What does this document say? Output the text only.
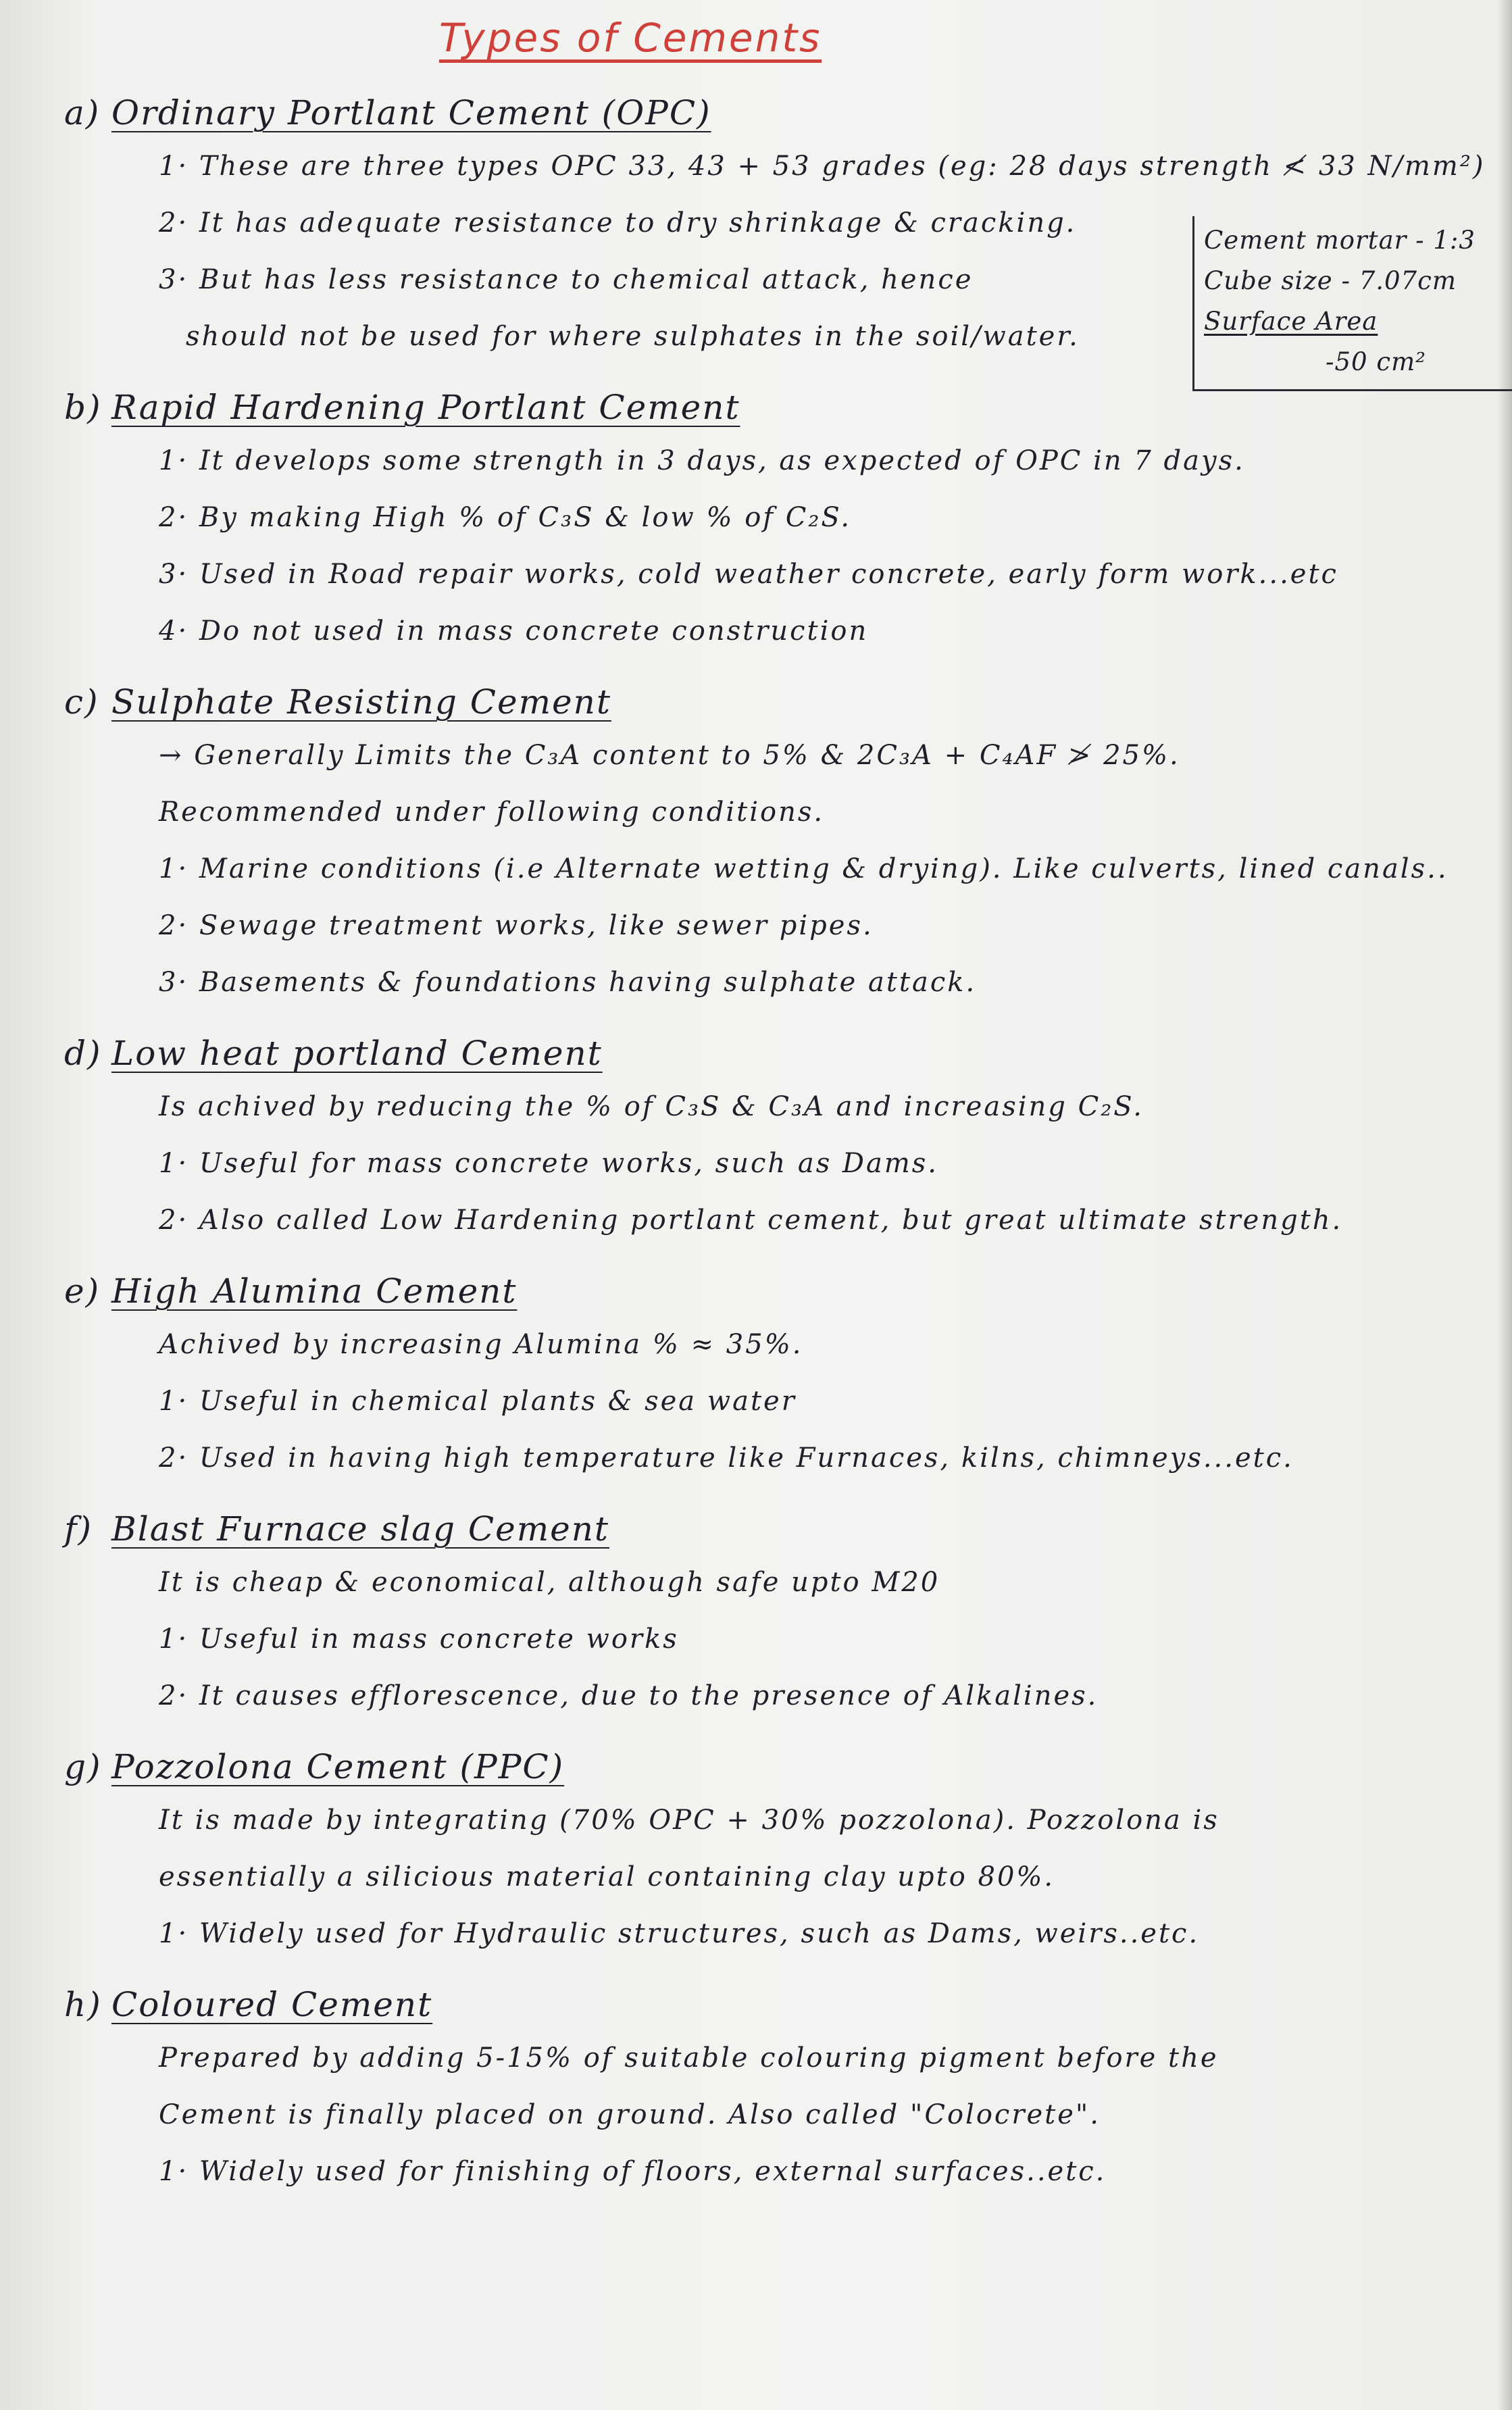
Types of Cements
a) Ordinary Portlant Cement (OPC)
1· These are three types OPC 33, 43 + 53 grades (eg: 28 days strength ≮ 33 N/mm²)
2· It has adequate resistance to dry shrinkage & cracking.
3· But has less resistance to chemical attack, hence
should not be used for where sulphates in the soil/water.
Cement mortar - 1:3
Cube size - 7.07cm
Surface Area
-50 cm²
b) Rapid Hardening Portlant Cement
1· It develops some strength in 3 days, as expected of OPC in 7 days.
2· By making High % of C₃S & low % of C₂S.
3· Used in Road repair works, cold weather concrete, early form work...etc
4· Do not used in mass concrete construction
c) Sulphate Resisting Cement
→ Generally Limits the C₃A content to 5% & 2C₃A + C₄AF ≯ 25%.
Recommended under following conditions.
1· Marine conditions (i.e Alternate wetting & drying). Like culverts, lined canals..
2· Sewage treatment works, like sewer pipes.
3· Basements & foundations having sulphate attack.
d) Low heat portland Cement
Is achived by reducing the % of C₃S & C₃A and increasing C₂S.
1· Useful for mass concrete works, such as Dams.
2· Also called Low Hardening portlant cement, but great ultimate strength.
e) High Alumina Cement
Achived by increasing Alumina % ≈ 35%.
1· Useful in chemical plants & sea water
2· Used in having high temperature like Furnaces, kilns, chimneys...etc.
f) Blast Furnace slag Cement
It is cheap & economical, although safe upto M20
1· Useful in mass concrete works
2· It causes efflorescence, due to the presence of Alkalines.
g) Pozzolona Cement (PPC)
It is made by integrating (70% OPC + 30% pozzolona). Pozzolona is
essentially a silicious material containing clay upto 80%.
1· Widely used for Hydraulic structures, such as Dams, weirs..etc.
h) Coloured Cement
Prepared by adding 5-15% of suitable colouring pigment before the
Cement is finally placed on ground. Also called "Colocrete".
1· Widely used for finishing of floors, external surfaces..etc.
